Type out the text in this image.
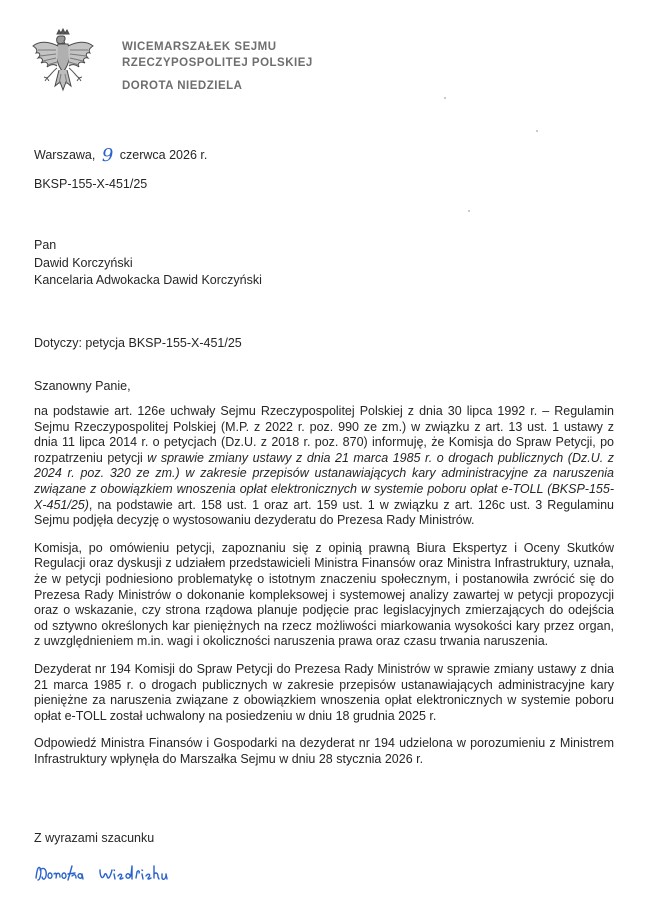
WICEMARSZAŁEK SEJMU
RZECZYPOSPOLITEJ POLSKIEJ
DOROTA NIEDZIELA
Warszawa, 9 czerwca 2026 r.
BKSP-155-X-451/25
Pan
Dawid Korczyński
Kancelaria Adwokacka Dawid Korczyński
Dotyczy: petycja BKSP-155-X-451/25
Szanowny Panie,

na podstawie art. 126e uchwały Sejmu Rzeczypospolitej Polskiej z dnia 30 lipca 1992 r. – Regulamin Sejmu Rzeczypospolitej Polskiej (M.P. z 2022 r. poz. 990 ze zm.) w związku z art. 13 ust. 1 ustawy z dnia 11 lipca 2014 r. o petycjach (Dz.U. z 2018 r. poz. 870) informuję, że Komisja do Spraw Petycji, po rozpatrzeniu petycji w sprawie zmiany ustawy z dnia 21 marca 1985 r. o drogach publicznych (Dz.U. z 2024 r. poz. 320 ze zm.) w zakresie przepisów ustanawiających kary administracyjne za naruszenia związane z obowiązkiem wnoszenia opłat elektronicznych w systemie poboru opłat e-TOLL (BKSP-155-X-451/25), na podstawie art. 158 ust. 1 oraz art. 159 ust. 1 w związku z art. 126c ust. 3 Regulaminu Sejmu podjęła decyzję o wystosowaniu dezyderatu do Prezesa Rady Ministrów.

Komisja, po omówieniu petycji, zapoznaniu się z opinią prawną Biura Ekspertyz i Oceny Skutków Regulacji oraz dyskusji z udziałem przedstawicieli Ministra Finansów oraz Ministra Infrastruktury, uznała, że w petycji podniesiono problematykę o istotnym znaczeniu społecznym, i postanowiła zwrócić się do Prezesa Rady Ministrów o dokonanie kompleksowej i systemowej analizy zawartej w petycji propozycji oraz o wskazanie, czy strona rządowa planuje podjęcie prac legislacyjnych zmierzających do odejścia od sztywno określonych kar pieniężnych na rzecz możliwości miarkowania wysokości kary przez organ, z uwzględnieniem m.in. wagi i okoliczności naruszenia prawa oraz czasu trwania naruszenia.

Dezyderat nr 194 Komisji do Spraw Petycji do Prezesa Rady Ministrów w sprawie zmiany ustawy z dnia 21 marca 1985 r. o drogach publicznych w zakresie przepisów ustanawiających administracyjne kary pieniężne za naruszenia związane z obowiązkiem wnoszenia opłat elektronicznych w systemie poboru opłat e-TOLL został uchwalony na posiedzeniu w dniu 18 grudnia 2025 r.

Odpowiedź Ministra Finansów i Gospodarki na dezyderat nr 194 udzielona w porozumieniu z Ministrem Infrastruktury wpłynęła do Marszałka Sejmu w dniu 28 stycznia 2026 r.

Z wyrazami szacunku
